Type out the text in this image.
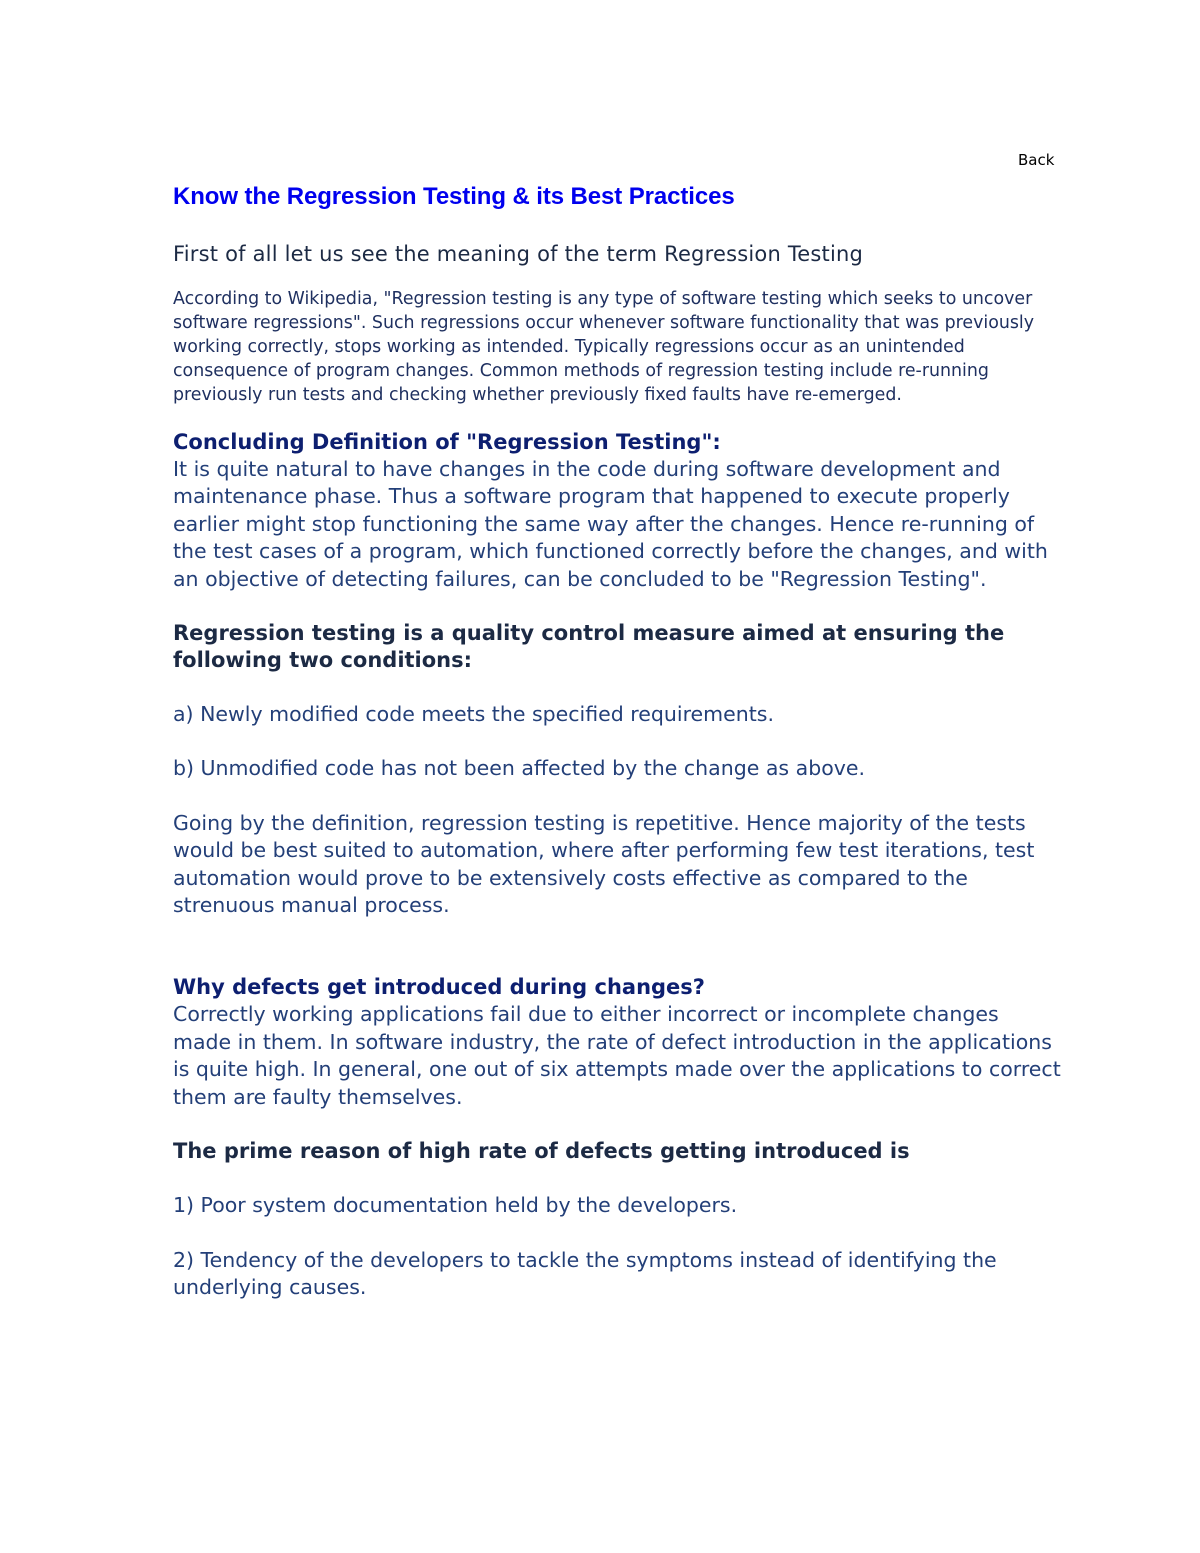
Back
Know the Regression Testing & its Best Practices
First of all let us see the meaning of the term Regression Testing

According to Wikipedia, "Regression testing is any type of software testing which seeks to uncover software regressions". Such regressions occur whenever software functionality that was previously working correctly, stops working as intended. Typically regressions occur as an unintended consequence of program changes. Common methods of regression testing include re-running previously run tests and checking whether previously fixed faults have re-emerged.

Concluding Definition of "Regression Testing":

It is quite natural to have changes in the code during software development and maintenance phase. Thus a software program that happened to execute properly earlier might stop functioning the same way after the changes. Hence re-running of the test cases of a program, which functioned correctly before the changes, and with an objective of detecting failures, can be concluded to be "Regression Testing".

Regression testing is a quality control measure aimed at ensuring the following two conditions:

a) Newly modified code meets the specified requirements.

b) Unmodified code has not been affected by the change as above.

Going by the definition, regression testing is repetitive. Hence majority of the tests would be best suited to automation, where after performing few test iterations, test automation would prove to be extensively costs effective as compared to the strenuous manual process.

Why defects get introduced during changes?

Correctly working applications fail due to either incorrect or incomplete changes made in them. In software industry, the rate of defect introduction in the applications is quite high. In general, one out of six attempts made over the applications to correct them are faulty themselves.

The prime reason of high rate of defects getting introduced is

1) Poor system documentation held by the developers.

2) Tendency of the developers to tackle the symptoms instead of identifying the underlying causes.
